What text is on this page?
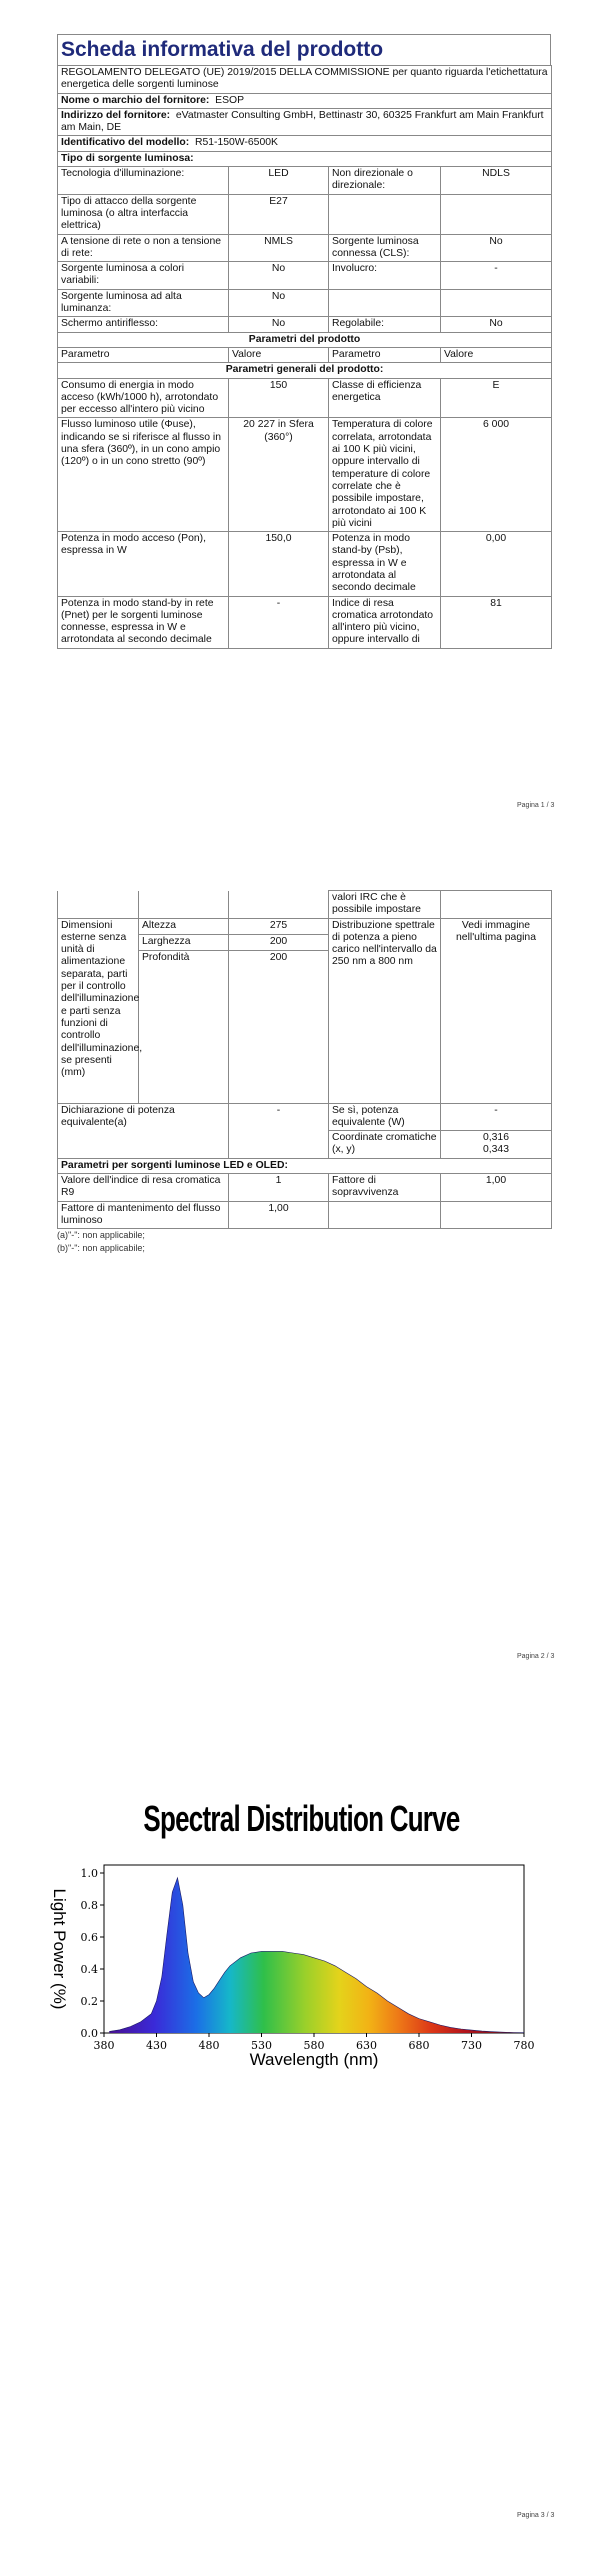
Scheda informativa del prodotto
REGOLAMENTO DELEGATO (UE) 2019/2015 DELLA COMMISSIONE per quanto riguarda l'etichettatura energetica delle sorgenti luminose			
Nome o marchio del fornitore: ESOP			
Indirizzo del fornitore: eVatmaster Consulting GmbH, Bettinastr 30, 60325 Frankfurt am Main Frankfurt am Main, DE			
Identificativo del modello: R51-150W-6500K			
Tipo di sorgente luminosa:			
Tecnologia d'illuminazione:	LED	Non direzionale o direzionale:	NDLS
Tipo di attacco della sorgente luminosa (o altra interfaccia elettrica)	E27		
A tensione di rete o non a tensione di rete:	NMLS	Sorgente luminosa connessa (CLS):	No
Sorgente luminosa a colori variabili:	No	Involucro:	-
Sorgente luminosa ad alta luminanza:	No		
Schermo antiriflesso:	No	Regolabile:	No
Parametri del prodotto			
Parametro	Valore	Parametro	Valore
Parametri generali del prodotto:			
Consumo di energia in modo acceso (kWh/1000 h), arrotondato per eccesso all'intero più vicino	150	Classe di efficienza energetica	E
Flusso luminoso utile (Φuse), indicando se si riferisce al flusso in una sfera (360º), in un cono ampio (120º) o in un cono stretto (90º)	20 227 in Sfera (360°)	Temperatura di colore correlata, arrotondata ai 100 K più vicini, oppure intervallo di temperature di colore correlate che è possibile impostare, arrotondato ai 100 K più vicini	6 000
Potenza in modo acceso (Pon), espressa in W	150,0	Potenza in modo stand-by (Psb), espressa in W e arrotondata al secondo decimale	0,00
Potenza in modo stand-by in rete (Pnet) per le sorgenti luminose connesse, espressa in W e arrotondata al secondo decimale	-	Indice di resa cromatica arrotondato all'intero più vicino, oppure intervallo di	81
Pagina 1 / 3
			valori IRC che è possibile impostare	
Dimensioni esterne senza unità di alimentazione separata, parti per il controllo dell'illuminazione e parti senza funzioni di controllo dell'illuminazione, se presenti (mm)	Altezza	275	Distribuzione spettrale di potenza a pieno carico nell'intervallo da 250 nm a 800 nm	Vedi immagine nell'ultima pagina
	Larghezza	200		
	Profondità	200		
Dichiarazione di potenza equivalente(a)		-	Se sì, potenza equivalente (W)	-
			Coordinate cromatiche (x, y)	0,316
0,343
Parametri per sorgenti luminose LED e OLED:				
Valore dell'indice di resa cromatica R9		1	Fattore di sopravvivenza	1,00
Fattore di mantenimento del flusso luminoso		1,00		
(a)"-": non applicabile;
(b)"-": non applicabile;
Pagina 2 / 3
Spectral Distribution Curve
380	430	480	530	580	630	680	730	780
0.0
0.2
0.4
0.6
0.8
1.0
Wavelength (nm)
Light Power (%)
Pagina 3 / 3
